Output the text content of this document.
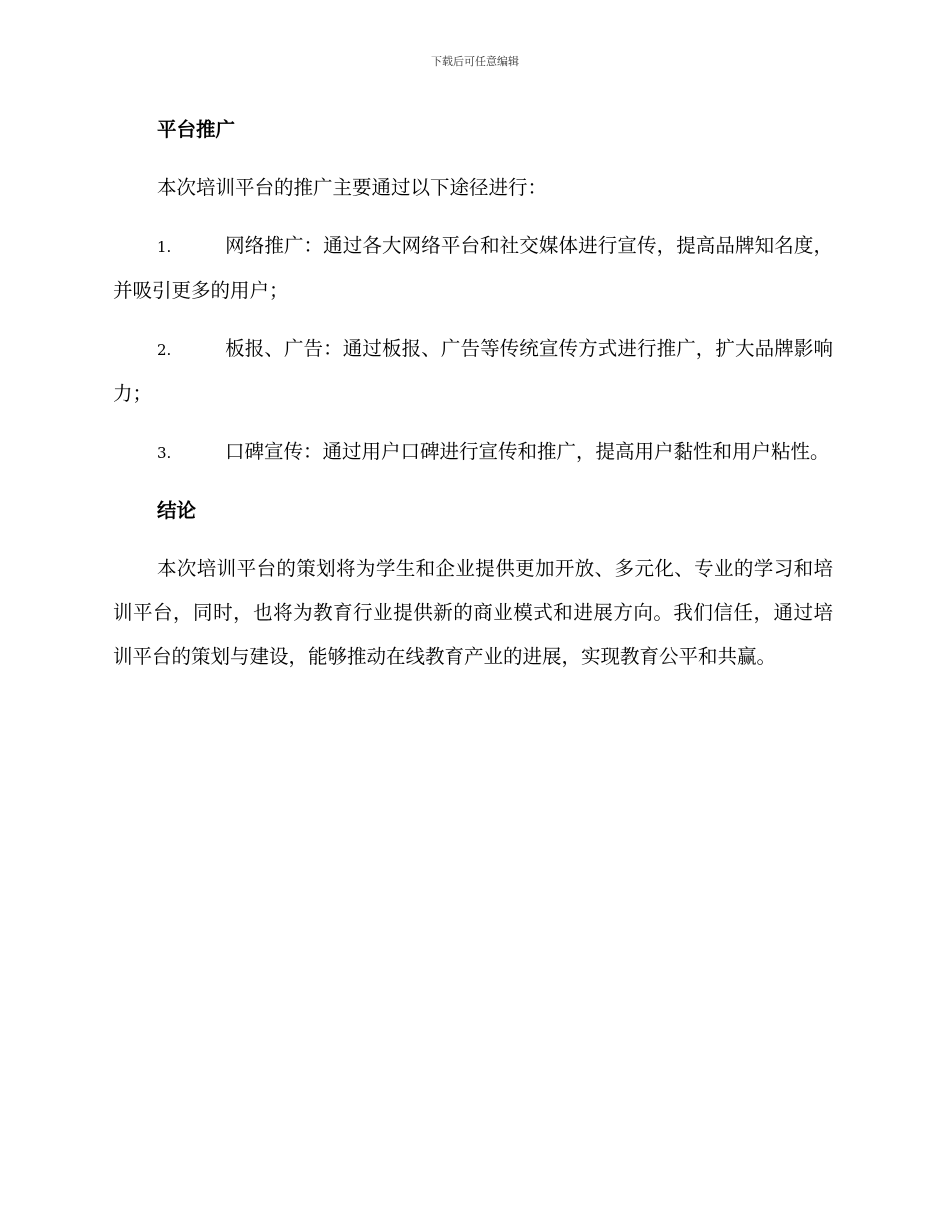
下载后可任意编辑
平台推广

本次培训平台的推广主要通过以下途径进行：

1.	网络推广：通过各大网络平台和社交媒体进行宣传，提高品牌知名度，并吸引更多的用户；

2.	板报、广告：通过板报、广告等传统宣传方式进行推广，扩大品牌影响力；

3.	口碑宣传：通过用户口碑进行宣传和推广，提高用户黏性和用户粘性。

结论

本次培训平台的策划将为学生和企业提供更加开放、多元化、专业的学习和培训平台，同时，也将为教育行业提供新的商业模式和进展方向。我们信任，通过培训平台的策划与建设，能够推动在线教育产业的进展，实现教育公平和共赢。
